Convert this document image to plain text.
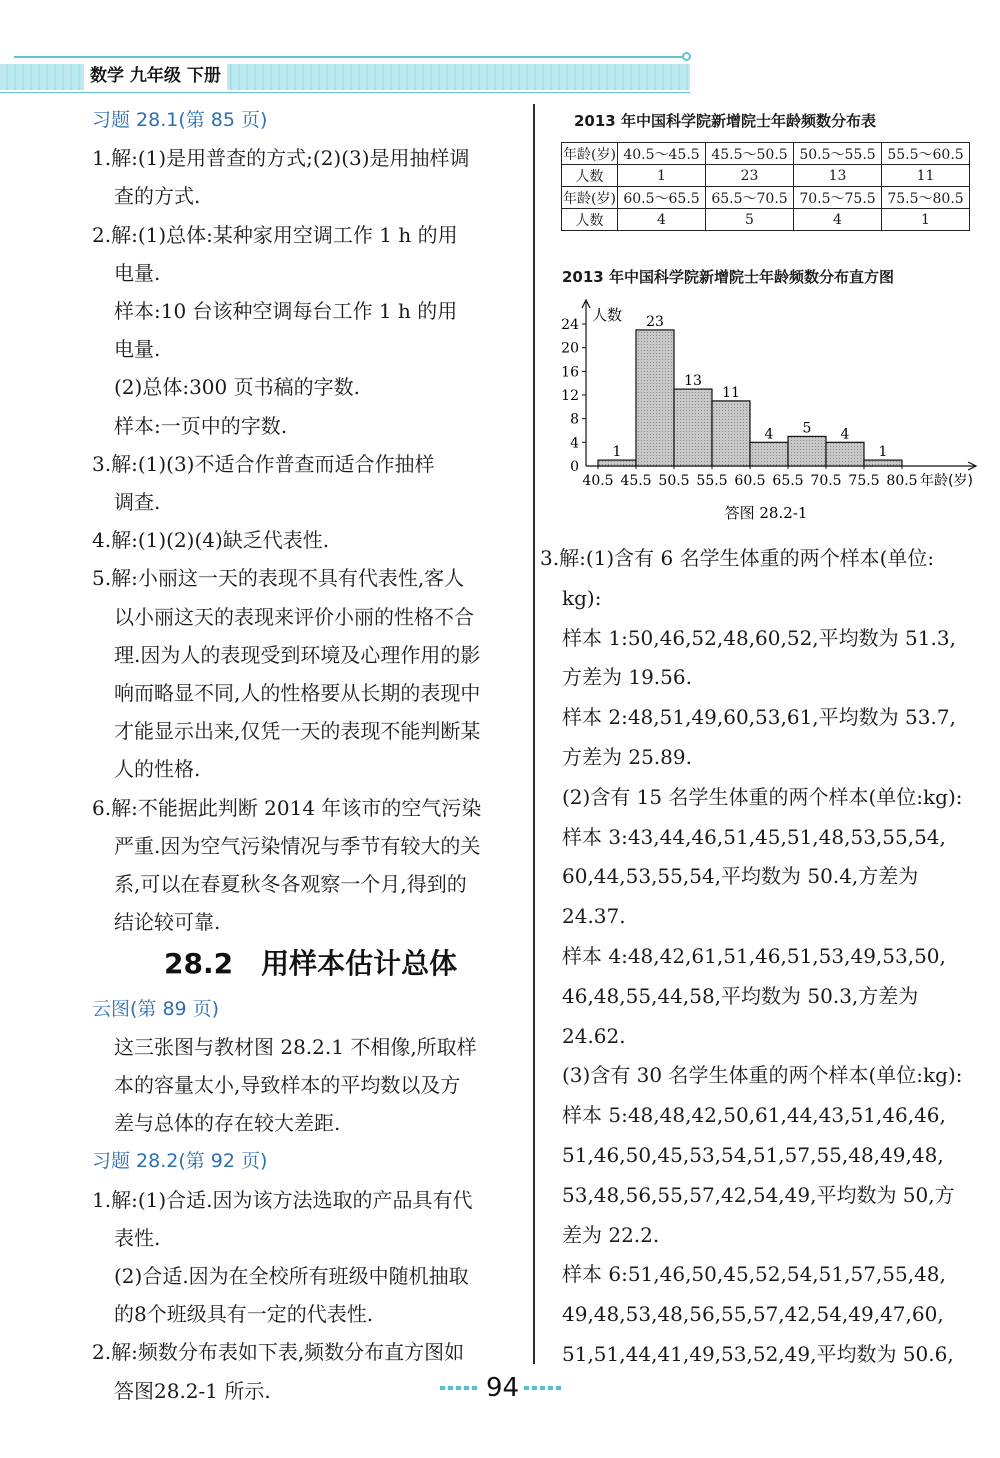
数学 九年级 下册
习题 28.1(第 85 页)
1.解:(1)是用普查的方式;(2)(3)是用抽样调
查的方式.
2.解:(1)总体:某种家用空调工作 1 h 的用
电量.
样本:10 台该种空调每台工作 1 h 的用
电量.
(2)总体:300 页书稿的字数.
样本:一页中的字数.
3.解:(1)(3)不适合作普查而适合作抽样
调查.
4.解:(1)(2)(4)缺乏代表性.
5.解:小丽这一天的表现不具有代表性,客人
以小丽这天的表现来评价小丽的性格不合
理.因为人的表现受到环境及心理作用的影
响而略显不同,人的性格要从长期的表现中
才能显示出来,仅凭一天的表现不能判断某
人的性格.
6.解:不能据此判断 2014 年该市的空气污染
严重.因为空气污染情况与季节有较大的关
系,可以在春夏秋冬各观察一个月,得到的
结论较可靠.
28.2　用样本估计总体
云图(第 89 页)
这三张图与教材图 28.2.1 不相像,所取样
本的容量太小,导致样本的平均数以及方
差与总体的存在较大差距.
习题 28.2(第 92 页)
1.解:(1)合适.因为该方法选取的产品具有代
表性.
(2)合适.因为在全校所有班级中随机抽取
的8个班级具有一定的代表性.
2.解:频数分布表如下表,频数分布直方图如
答图28.2-1 所示.
2013 年中国科学院新增院士年龄频数分布表
年龄(岁)	40.5～45.5	45.5～50.5	50.5～55.5	55.5～60.5
人数	1	23	13	11
年龄(岁)	60.5～65.5	65.5～70.5	70.5～75.5	75.5～80.5
人数	4	5	4	1
2013 年中国科学院新增院士年龄频数分布直方图
0
4
8
12
16
20
24
人数
1
23
13
11
4 5 4
1
40.5 45.5 50.5 55.5 60.5 65.5 70.5 75.5 80.5 年龄(岁)
答图 28.2-1
3.解:(1)含有 6 名学生体重的两个样本(单位:
kg):
样本 1:50,46,52,48,60,52,平均数为 51.3,
方差为 19.56.
样本 2:48,51,49,60,53,61,平均数为 53.7,
方差为 25.89.
(2)含有 15 名学生体重的两个样本(单位:kg):
样本 3:43,44,46,51,45,51,48,53,55,54,
60,44,53,55,54,平均数为 50.4,方差为
24.37.
样本 4:48,42,61,51,46,51,53,49,53,50,
46,48,55,44,58,平均数为 50.3,方差为
24.62.
(3)含有 30 名学生体重的两个样本(单位:kg):
样本 5:48,48,42,50,61,44,43,51,46,46,
51,46,50,45,53,54,51,57,55,48,49,48,
53,48,56,55,57,42,54,49,平均数为 50,方
差为 22.2.
样本 6:51,46,50,45,52,54,51,57,55,48,
49,48,53,48,56,55,57,42,54,49,47,60,
51,51,44,41,49,53,52,49,平均数为 50.6,
94
